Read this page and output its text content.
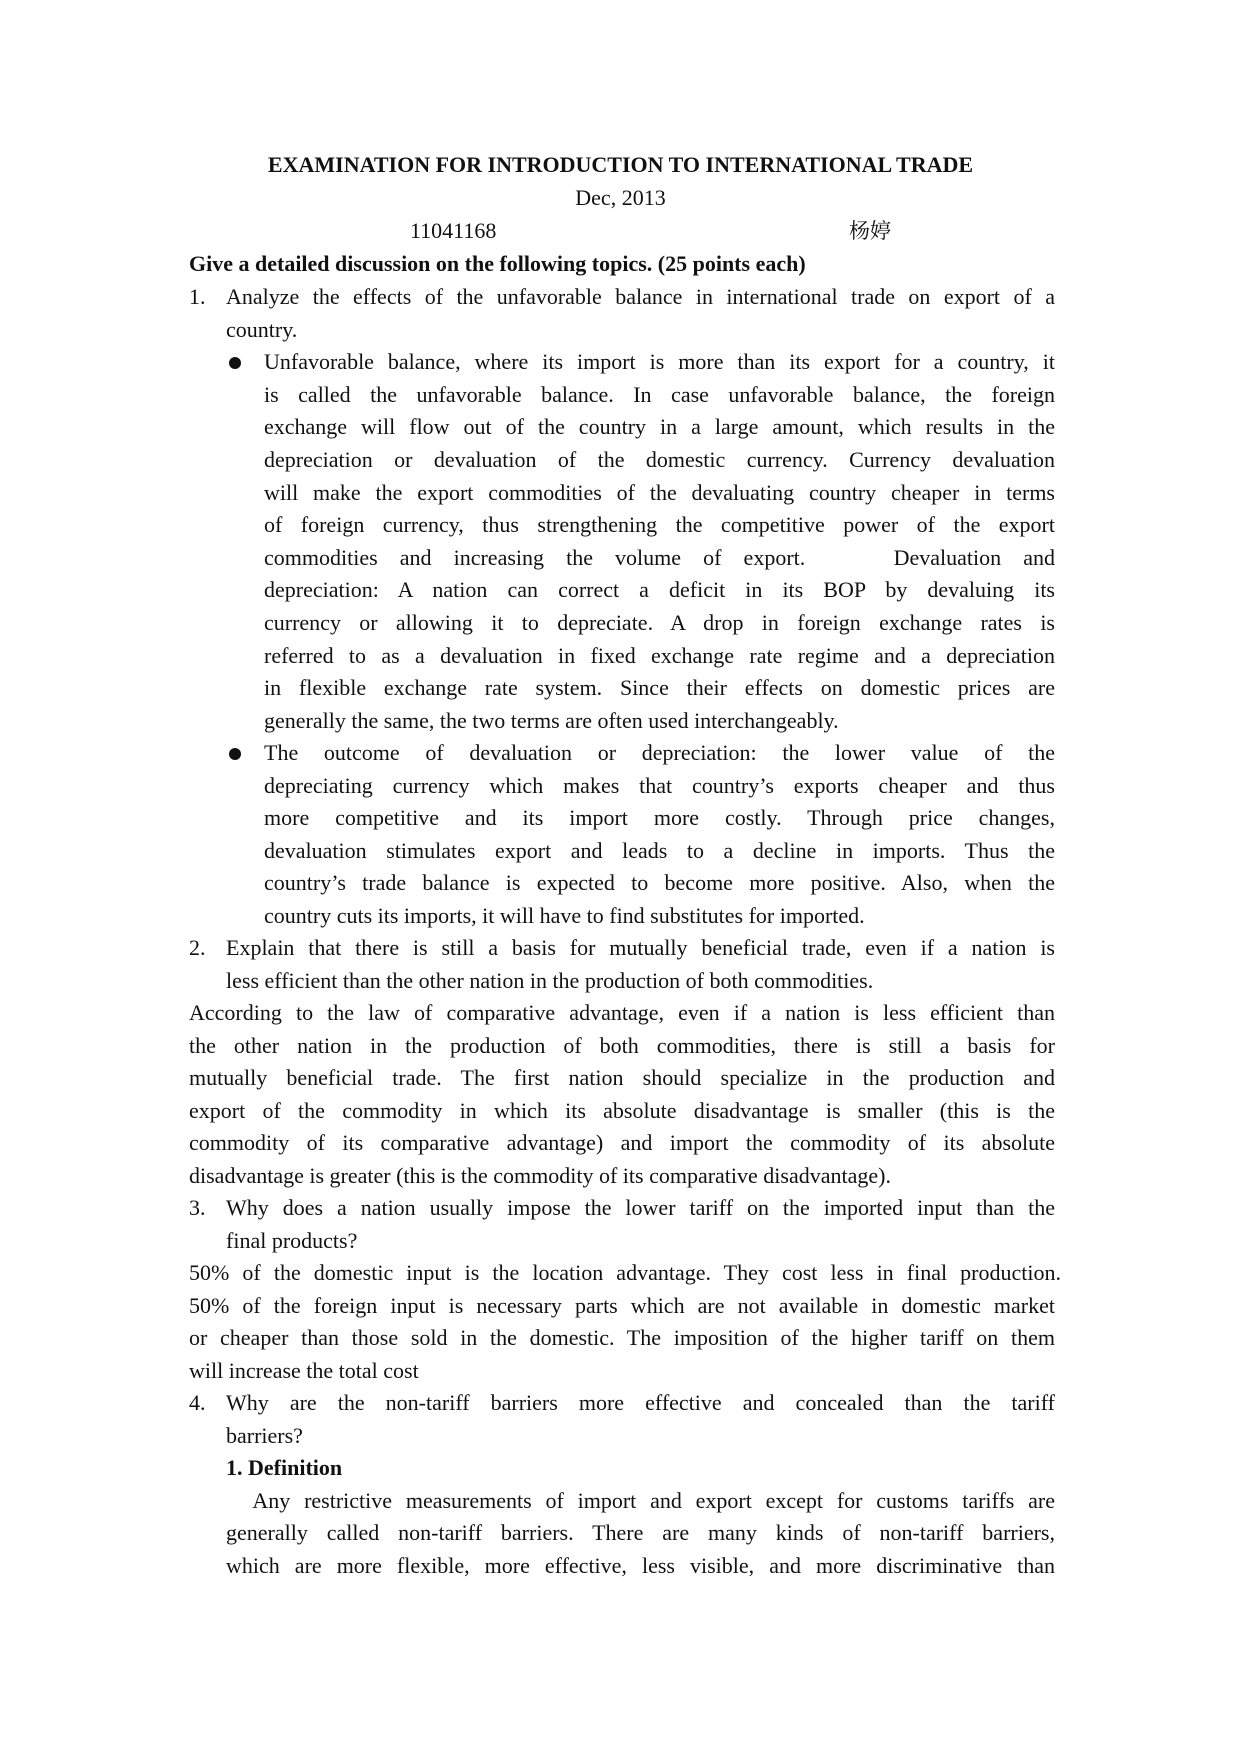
EXAMINATION FOR INTRODUCTION TO INTERNATIONAL TRADE
Dec, 2013
11041168	杨婷
Give a detailed discussion on the following topics. (25 points each)
1. Analyze the effects of the unfavorable balance in international trade on export of a
country.
Unfavorable balance, where its import is more than its export for a country, it
is called the unfavorable balance. In case unfavorable balance, the foreign
exchange will flow out of the country in a large amount, which results in the
depreciation or devaluation of the domestic currency. Currency devaluation
will make the export commodities of the devaluating country cheaper in terms
of foreign currency, thus strengthening the competitive power of the export
commodities and increasing the volume of export.    Devaluation and
depreciation: A nation can correct a deficit in its BOP by devaluing its
currency or allowing it to depreciate. A drop in foreign exchange rates is
referred to as a devaluation in fixed exchange rate regime and a depreciation
in flexible exchange rate system. Since their effects on domestic prices are
generally the same, the two terms are often used interchangeably.
The outcome of devaluation or depreciation: the lower value of the
depreciating currency which makes that country’s exports cheaper and thus
more competitive and its import more costly. Through price changes,
devaluation stimulates export and leads to a decline in imports. Thus the
country’s trade balance is expected to become more positive. Also, when the
country cuts its imports, it will have to find substitutes for imported.
2. Explain that there is still a basis for mutually beneficial trade, even if a nation is
less efficient than the other nation in the production of both commodities.
According to the law of comparative advantage, even if a nation is less efficient than
the other nation in the production of both commodities, there is still a basis for
mutually beneficial trade. The first nation should specialize in the production and
export of the commodity in which its absolute disadvantage is smaller (this is the
commodity of its comparative advantage) and import the commodity of its absolute
disadvantage is greater (this is the commodity of its comparative disadvantage).
3. Why does a nation usually impose the lower tariff on the imported input than the
final products?
50% of the domestic input is the location advantage. They cost less in final production.
50% of the foreign input is necessary parts which are not available in domestic market
or cheaper than those sold in the domestic. The imposition of the higher tariff on them
will increase the total cost
4. Why are the non-tariff barriers more effective and concealed than the tariff
barriers?
1. Definition
Any restrictive measurements of import and export except for customs tariffs are
generally called non-tariff barriers. There are many kinds of non-tariff barriers,
which are more flexible, more effective, less visible, and more discriminative than
